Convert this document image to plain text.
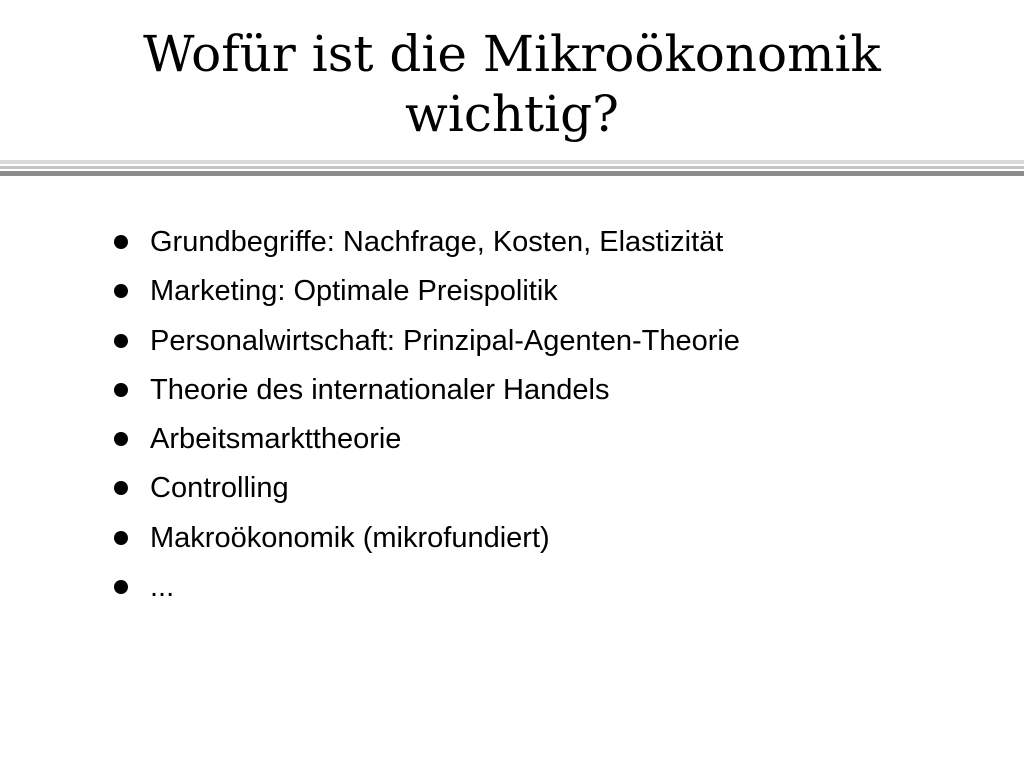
Wofür ist die Mikroökonomik
wichtig?
Grundbegriffe: Nachfrage, Kosten, Elastizität
Marketing: Optimale Preispolitik
Personalwirtschaft: Prinzipal-Agenten-Theorie
Theorie des internationaler Handels
Arbeitsmarkttheorie
Controlling
Makroökonomik (mikrofundiert)
...
